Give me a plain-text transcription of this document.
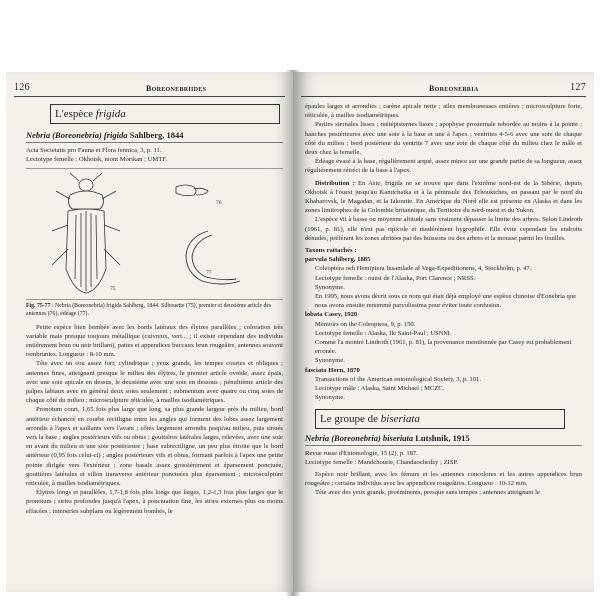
126	Boreonebriides
L'espèce frigida
Nebria (Boreonebria) frigida Sahlberg, 1844
Acta Societatis pro Fauna et Flora fennica, 3, p. 11.
Lectotype femelle : Okhotsk, mont Morikan ; UMTF.
75
76
77
Fig. 75-77 : Nebria (Boreonebria) frigida Sahlberg, 1844. Silhouette (75), premier et deuxième article des antennes (76), édéage (77).

Petite espèce bien bombée avec les bords latéraux des élytres parallèles ; coloration très variable mais presque toujours métallique (cuivreux, vert... ; il existe cependant des individus entièrement brun ou noir brillant), pattes et appendices buccaux brun rougeâtre, antennes souvent rembrunies. Longueur : 8-10 mm.

Tête avec un cou assez fort, cylindrique ; yeux grands, les tempes courtes et obliques ; antennes fines, atteignant presque le milieu des élytres, le premier article ovoïde, assez épais, avec une soie apicale en dessus, le deuxième avec une soie en dessous ; pénultième article des palpes labiaux avec en général deux soies seulement ; submentum avec quatre ou cinq soies de chaque côté du milieu ; microsculpture réticulée, à mailles isodiamétriques.

Pronotum court, 1,65 fois plus large que long, sa plus grande largeur près du milieu, bord antérieur échancré en courbe rectiligne entre les angles qui forment des lobes assez largement arrondis à l'apex et saillants vers l'avant ; côtés largement arrondis jusqu'au milieu, puis sinués vers la base ; angles postérieurs vifs ou obtus ; gouttières latérales larges, relevées, avec une soie en avant du milieu et une soie postérieure ; base subrectiligne, un peu plus étroite que le bord antérieur (0,95 fois celui-ci) ; angles postérieurs vifs et obtus, formant parfois à l'apex une petite pointe dirigée vers l'extérieur ; zone basale assez grossièrement et éparsement ponctuée, gouttières latérales et sillon transverse antérieur ponctuées plus éparsement ; microsculpture réticulée, à mailles isodiamétriques.

Élytres longs et parallèles, 1,7-1,8 fois plus longs que larges, 1,2-1,3 fois plus larges que le pronotum ; stries profondes jusqu'à l'apex, à ponctuation fine, les stries externes plus ou moins effacées ; interstries subplans ou légèrement bombés, le

Boreonebria	127

épaules larges et arrondies ; carène apicale nette ; ailes membraneuses entières ; microsculpture forte, réticulée, à mailles isodiamétriques.

Parties sternales lisses ; métépisternes lisses ; apophyse prosternale rebordée au moins à la pointe ; hanches postérieures avec une soie à la base et une à l'apex ; ventrites 4-5-6 avec une soie de chaque côté du milieu ; bord postérieur du ventrite 7 avec une soie de chaque côté du milieu chez le mâle et deux chez la femelle.

Édéage évasé à la base, régulièrement arqué, assez mince sur une grande partie de sa longueur, assez régulièrement rétréci de la base à l'apex.

Distribution : En Asie, frigida ne se trouve que dans l'extrême nord-est de la Sibérie, depuis Okhotsk à l'ouest jusqu'au Kamtchatka et à la péninsule des Tchouktches, en passant par le nord du Khabarovsk, le Magadan, et la Iakoutie. En Amérique du Nord elle est présente en Alaska et dans les zones limitrophes de la Colombie britannique, du Territoire du nord-ouest et du Yukon.

L'espèce vit à basse ou moyenne altitude sans vraiment dépasser la limite des arbres. Selon Lindroth (1961, p. 81), elle n'est pas ripicole et modérément hygrophile. Elle évite cependant les endroits dénudés, préférant les zones abritées par des buissons ou des arbres et la mousse parmi les feuilles.

Taxons rattachés :
parvula Sahlberg, 1885
Coleoptera och Hemiptera Insamlade af Vega-Expeditionens, 4, Stockholm, p. 47.
Lectotype femelle : ouest de l'Alaska, Port Clarence ; NRSS.
Synonyme.
En 1995, nous avons décrit sous ce nom qui était déjà employé une espèce chinoise d'Eonebria que nous avons ensuite renommé parvulissima pour éviter toute confusion.
lobata Casey, 1920
Memoirs on the Coleoptera, 9, p. 150.
Lectotype femelle : Alaska, Ile Saint-Paul ; USNM.
Comme l'a montré Lindroth (1961, p. 81), la provenance mentionnée par Casey est probablement erronée.
Synonyme.
fasciata Horn, 1870
Transactions of the American entomological Society, 3, p. 101.
Lectotype mâle : Alaska, Saint Michael ; MCZC.
Synonyme.
Le groupe de biseriata
Nebria (Boreonebria) biseriata Lutshnik, 1915
Revue russe d'Entomologie, 15 (2), p. 187.
Lectotype femelle : Mandchourie, Chandaochedzy ; ZISP.

Espèce noir brillant, avec les fémurs et les antennes concolores et les autres appendices brun rougeâtre ; certains individus avec les appendices rougeâtres. Longueur : 10-12 mm.

Tête avec des yeux grands, proéminents, presque sans tempes ; antennes atteignant le
